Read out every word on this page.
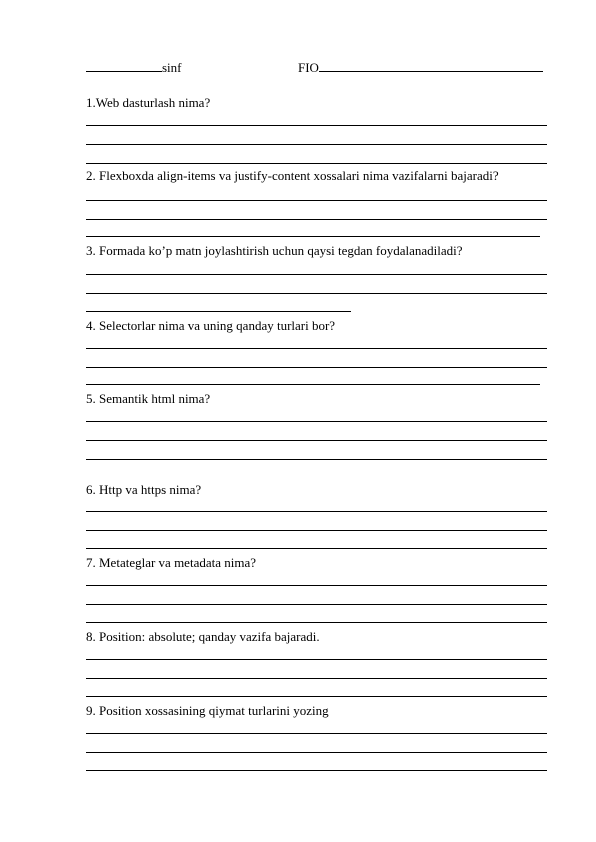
sinf	FIO
1.Web dasturlash nima?
2. Flexboxda align-items va justify-content xossalari nima vazifalarni bajaradi?
3. Formada ko’p matn joylashtirish uchun qaysi tegdan foydalanadiladi?
4. Selectorlar nima va uning qanday turlari bor?
5. Semantik html nima?
6. Http va https nima?
7. Metateglar va metadata nima?
8. Position: absolute; qanday vazifa bajaradi.
9. Position xossasining qiymat turlarini yozing
